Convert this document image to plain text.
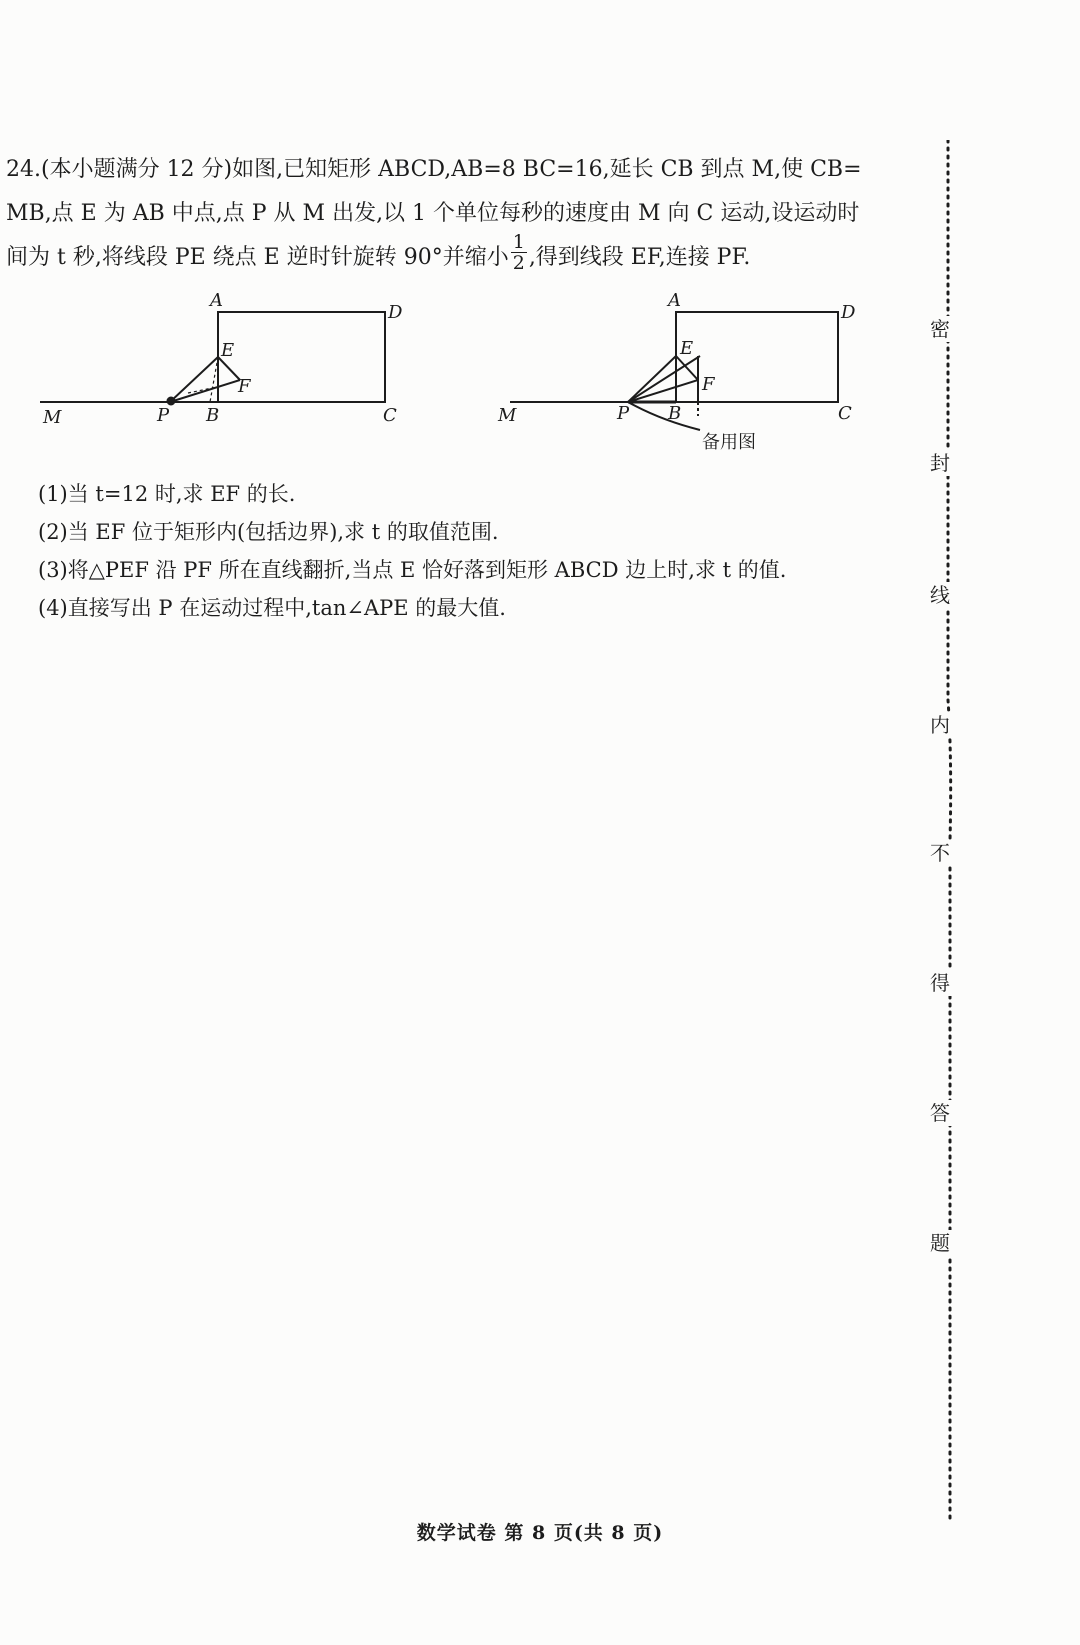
24.(本小题满分 12 分)如图,已知矩形 ABCD,AB=8 BC=16,延长 CB 到点 M,使 CB=

MB,点 E 为 AB 中点,点 P 从 M 出发,以 1 个单位每秒的速度由 M 向 C 运动,设运动时

间为 t 秒,将线段 PE 绕点 E 逆时针旋转 90°并缩小 $\frac{1}{2}$ ,得到线段 EF,连接 PF.

A
D
E
F
M	P B	C
A
D
E
F
M	P B	C
备用图

(1)当 t=12 时,求 EF 的长.

(2)当 EF 位于矩形内(包括边界),求 t 的取值范围.

(3)将△PEF 沿 PF 所在直线翻折,当点 E 恰好落到矩形 ABCD 边上时,求 t 的值.

(4)直接写出 P 在运动过程中,tan∠APE 的最大值.

密
封
线
内
不
得
答
题
数学试卷 第 8 页(共 8 页)
